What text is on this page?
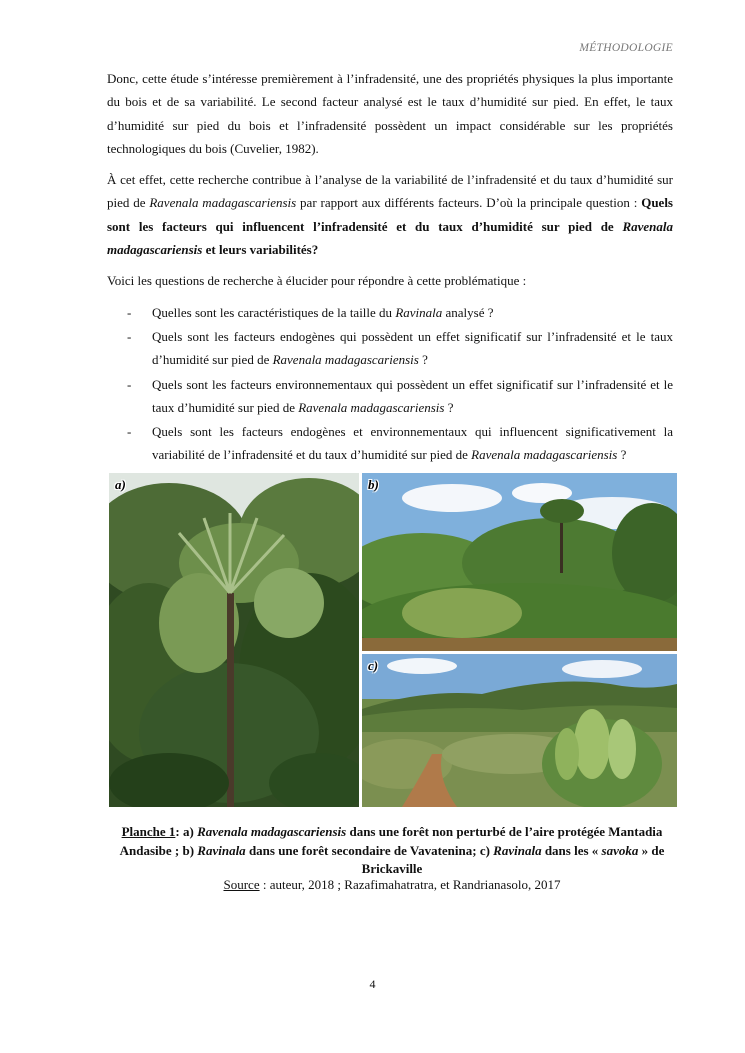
MÉTHODOLOGIE

Donc, cette étude s’intéresse premièrement à l’infradensité, une des propriétés physiques la plus importante du bois et de sa variabilité. Le second facteur analysé est le taux d’humidité sur pied. En effet, le taux d’humidité sur pied du bois et l’infradensité possèdent un impact considérable sur les propriétés technologiques du bois (Cuvelier, 1982).

À cet effet, cette recherche contribue à l’analyse de la variabilité de l’infradensité et du taux d’humidité sur pied de Ravenala madagascariensis par rapport aux différents facteurs. D’où la principale question : Quels sont les facteurs qui influencent l’infradensité et du taux d’humidité sur pied de Ravenala madagascariensis et leurs variabilités?

Voici les questions de recherche à élucider pour répondre à cette problématique :

- Quelles sont les caractéristiques de la taille du Ravinala analysé ?
- Quels sont les facteurs endogènes qui possèdent un effet significatif sur l’infradensité et le taux d’humidité sur pied de Ravenala madagascariensis ?
- Quels sont les facteurs environnementaux qui possèdent un effet significatif sur l’infradensité et le taux d’humidité sur pied de Ravenala madagascariensis ?
- Quels sont les facteurs endogènes et environnementaux qui influencent significativement la variabilité de l’infradensité et du taux d’humidité sur pied de Ravenala madagascariensis ?
a)	b)
c)
Planche 1: a) Ravenala madagascariensis dans une forêt non perturbé de l’aire protégée Mantadia Andasibe ; b) Ravinala dans une forêt secondaire de Vavatenina; c) Ravinala dans les « savoka » de Brickaville
Source : auteur, 2018 ; Razafimahatratra, et Randrianasolo, 2017
4
